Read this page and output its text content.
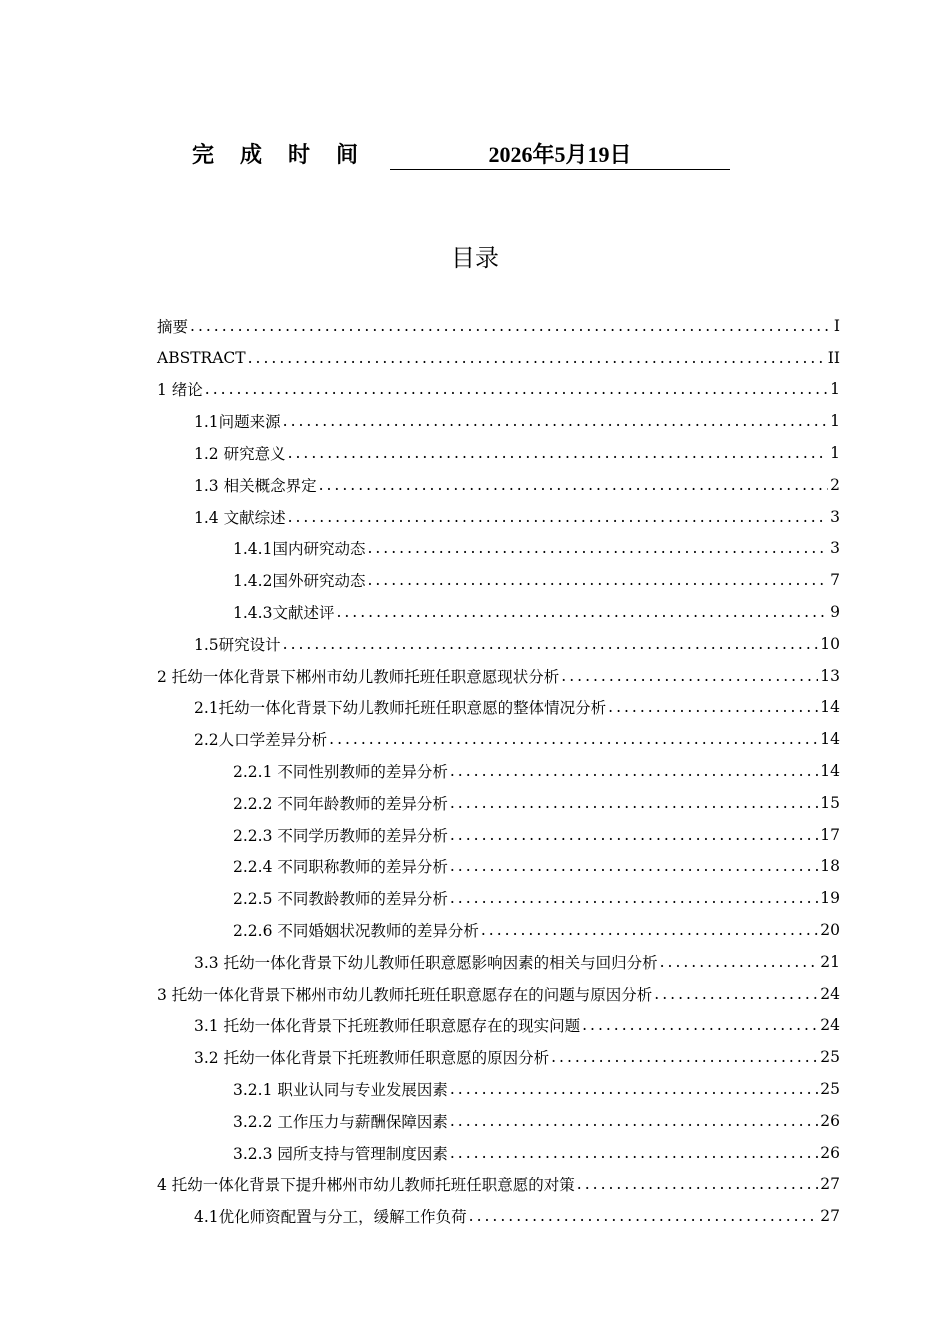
完成时间	2026年5月19日
目录
摘要 .....	I
ABSTRACT .....	II
1 绪论 .....	1
1.1问题来源 .....	1
1.2 研究意义 .....	1
1.3 相关概念界定 .....	2
1.4 文献综述 .....	3
1.4.1国内研究动态 .....	3
1.4.2国外研究动态 .....	7
1.4.3文献述评 .....	9
1.5研究设计 .....	10
2 托幼一体化背景下郴州市幼儿教师托班任职意愿现状分析 .....	13
2.1托幼一体化背景下幼儿教师托班任职意愿的整体情况分析 .....	14
2.2人口学差异分析 .....	14
2.2.1 不同性别教师的差异分析 .....	14
2.2.2 不同年龄教师的差异分析 .....	15
2.2.3 不同学历教师的差异分析 .....	17
2.2.4 不同职称教师的差异分析 .....	18
2.2.5 不同教龄教师的差异分析 .....	19
2.2.6 不同婚姻状况教师的差异分析 .....	20
3.3 托幼一体化背景下幼儿教师任职意愿影响因素的相关与回归分析 .....	21
3 托幼一体化背景下郴州市幼儿教师托班任职意愿存在的问题与原因分析 .....	24
3.1 托幼一体化背景下托班教师任职意愿存在的现实问题 .....	24
3.2 托幼一体化背景下托班教师任职意愿的原因分析 .....	25
3.2.1 职业认同与专业发展因素 .....	25
3.2.2 工作压力与薪酬保障因素 .....	26
3.2.3 园所支持与管理制度因素 .....	26
4 托幼一体化背景下提升郴州市幼儿教师托班任职意愿的对策 .....	27
4.1优化师资配置与分工，缓解工作负荷 .....	27
